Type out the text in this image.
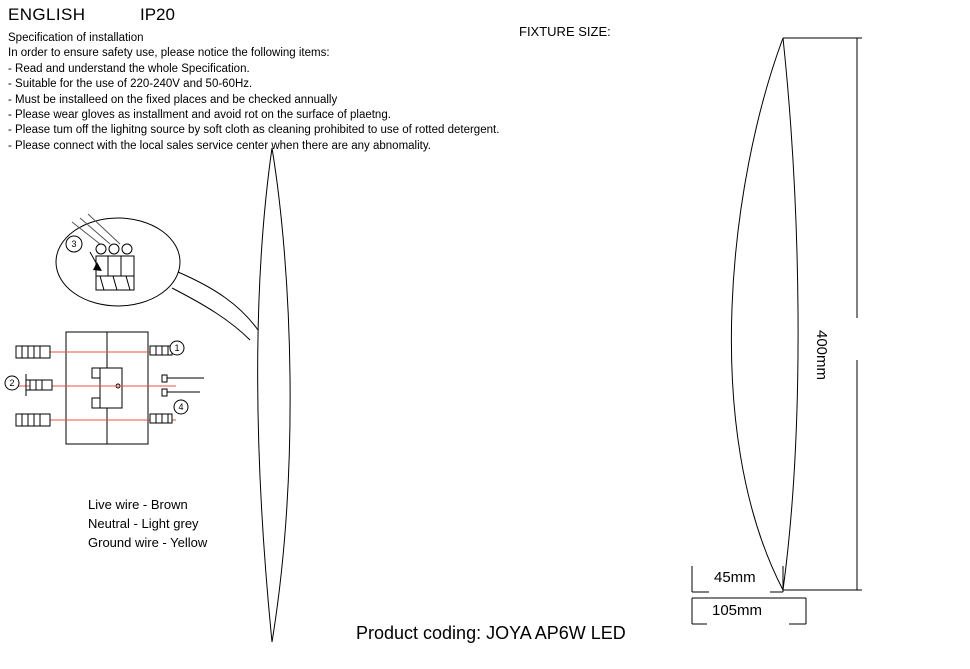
ENGLISH	IP20
Specification of installation
In order to ensure safety use, please notice the following items:
- Read and understand the whole Specification.
- Suitable for the use of 220-240V and 50-60Hz.
- Must be installeed on the fixed places and be checked annually
- Please wear gloves as installment and avoid rot on the surface of plaetng.
- Please tum off the lighitng source by soft cloth as cleaning prohibited to use of rotted detergent.
- Please connect with the local sales service center when there are any abnomality.
FIXTURE SIZE:
Live wire - Brown
Neutral - Light grey
Ground wire - Yellow
Product coding: JOYA AP6W LED
400mm
45mm
105mm
3
2
1
4
